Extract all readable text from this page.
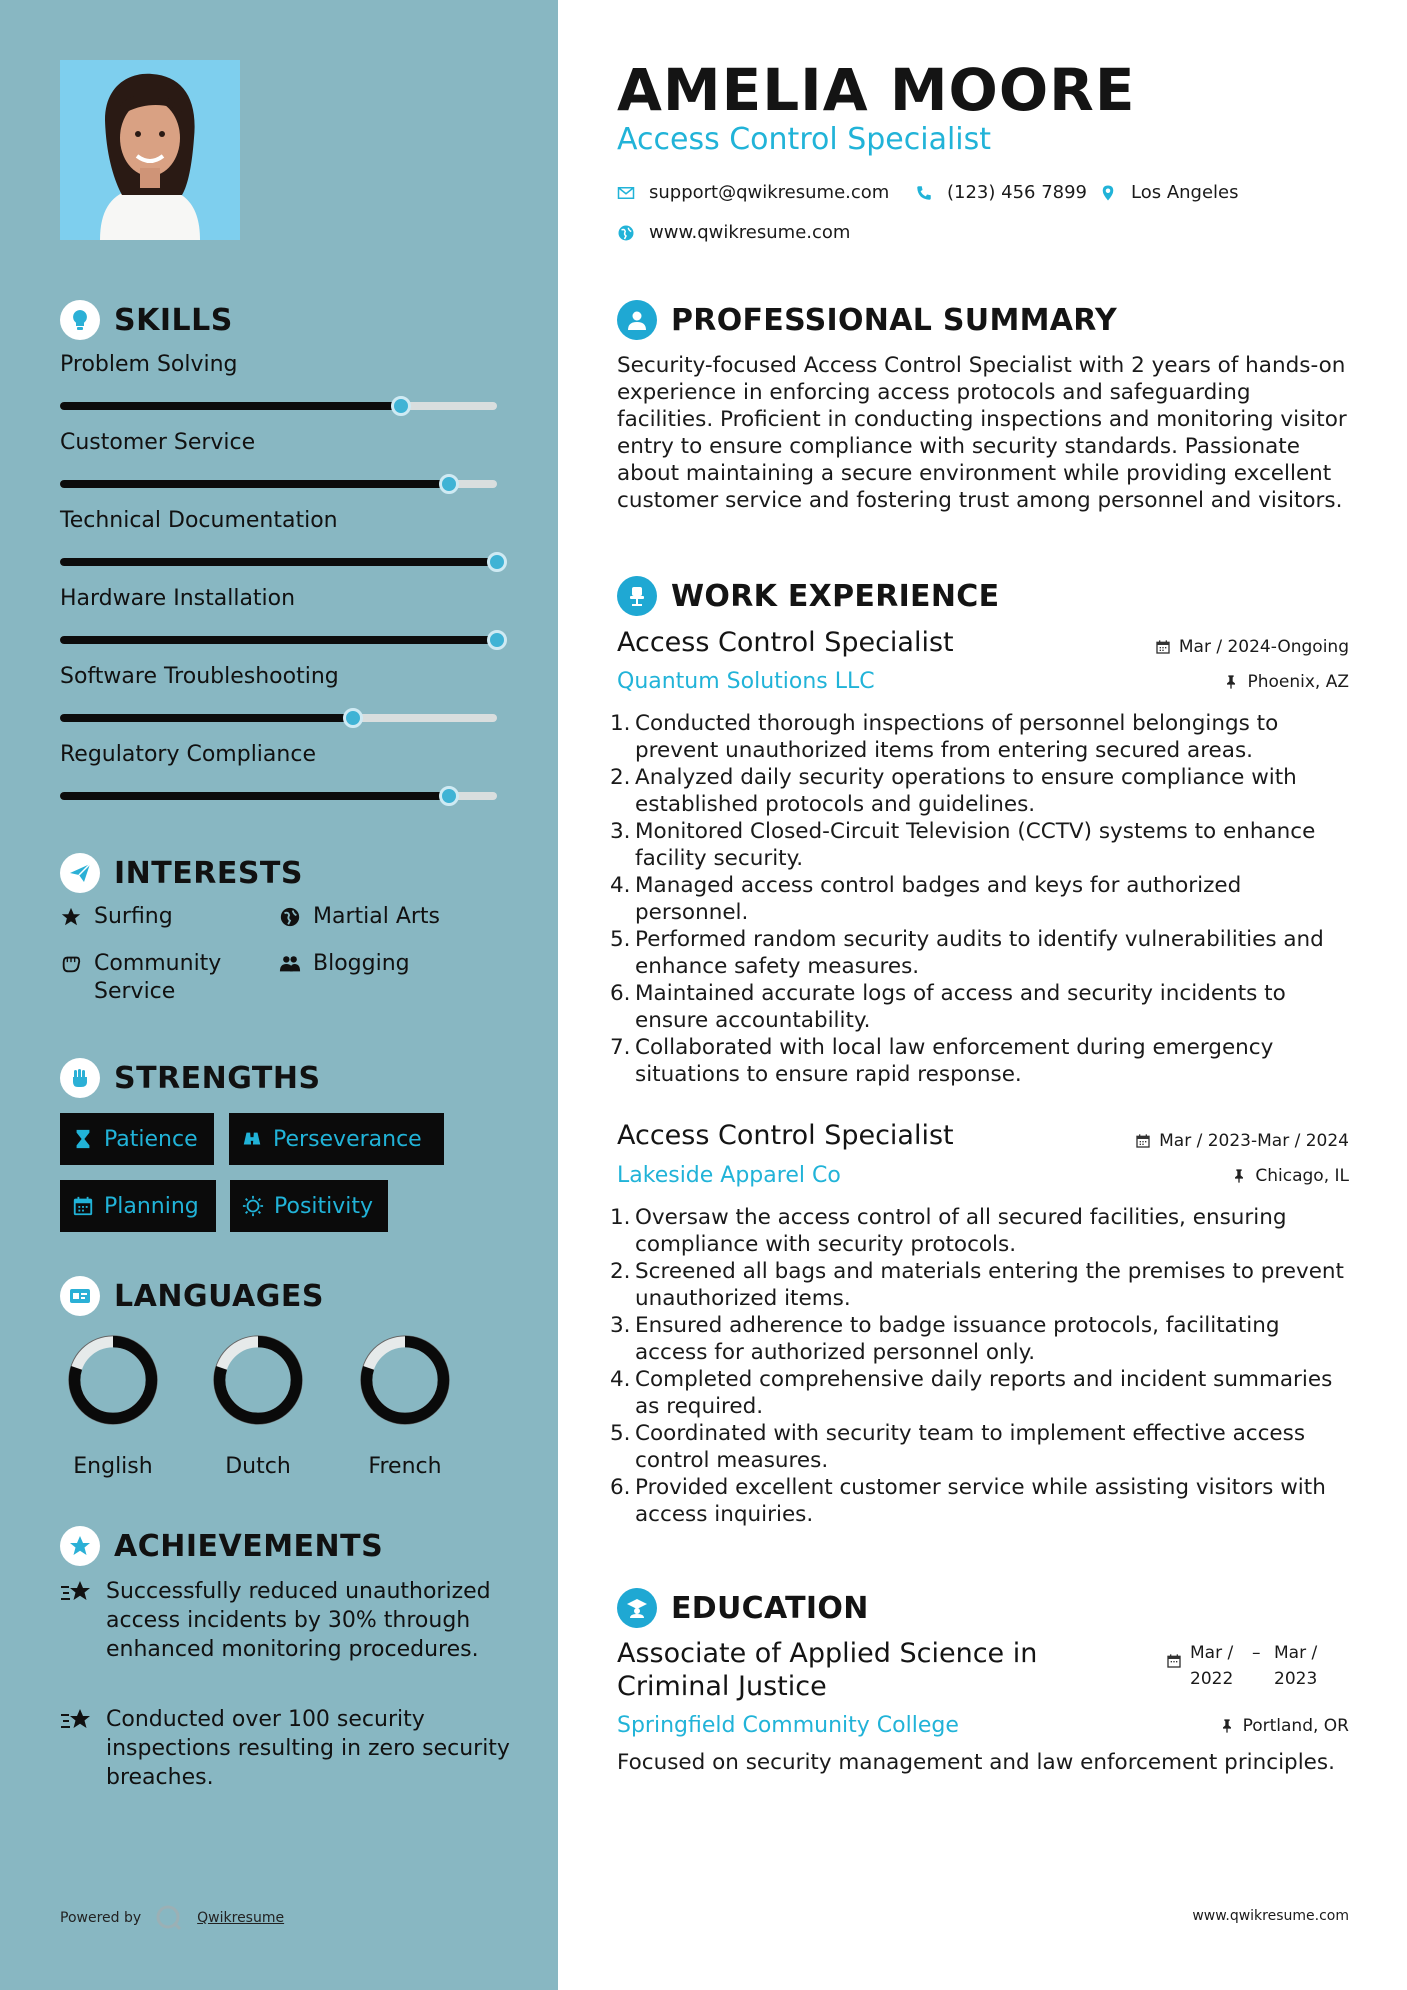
SKILLS
Problem Solving
Customer Service
Technical Documentation
Hardware Installation
Software Troubleshooting
Regulatory Compliance
INTERESTS
Surfing	Martial Arts
Community Service
Blogging
STRENGTHS
Patience	Perseverance
Planning	Positivity
LANGUAGES
English	Dutch	French
ACHIEVEMENTS
Successfully reduced unauthorized access incidents by 30% through enhanced monitoring procedures.
Conducted over 100 security inspections resulting in zero security breaches.
Powered by	Qwikresume
AMELIA MOORE
Access Control Specialist
support@qwikresume.com	(123) 456 7899 Los Angeles
www.qwikresume.com
PROFESSIONAL SUMMARY
Security-focused Access Control Specialist with 2 years of hands-on experience in enforcing access protocols and safeguarding facilities. Proficient in conducting inspections and monitoring visitor entry to ensure compliance with security standards. Passionate about maintaining a secure environment while providing excellent customer service and fostering trust among personnel and visitors.
WORK EXPERIENCE
Access Control Specialist	Mar / 2024-Ongoing
Quantum Solutions LLC	Phoenix, AZ
1. Conducted thorough inspections of personnel belongings to prevent unauthorized items from entering secured areas.
2. Analyzed daily security operations to ensure compliance with established protocols and guidelines.
3. Monitored Closed-Circuit Television (CCTV) systems to enhance facility security.
4. Managed access control badges and keys for authorized personnel.
5. Performed random security audits to identify vulnerabilities and enhance safety measures.
6. Maintained accurate logs of access and security incidents to ensure accountability.
7. Collaborated with local law enforcement during emergency situations to ensure rapid response.
Access Control Specialist	Mar / 2023-Mar / 2024
Lakeside Apparel Co	Chicago, IL
1. Oversaw the access control of all secured facilities, ensuring compliance with security protocols.
2. Screened all bags and materials entering the premises to prevent unauthorized items.
3. Ensured adherence to badge issuance protocols, facilitating access for authorized personnel only.
4. Completed comprehensive daily reports and incident summaries as required.
5. Coordinated with security team to implement effective access control measures.
6. Provided excellent customer service while assisting visitors with access inquiries.
EDUCATION
Associate of Applied Science in Criminal Justice
Mar / 2022
– Mar / 2023
Springfield Community College	Portland, OR
Focused on security management and law enforcement principles.
www.qwikresume.com
